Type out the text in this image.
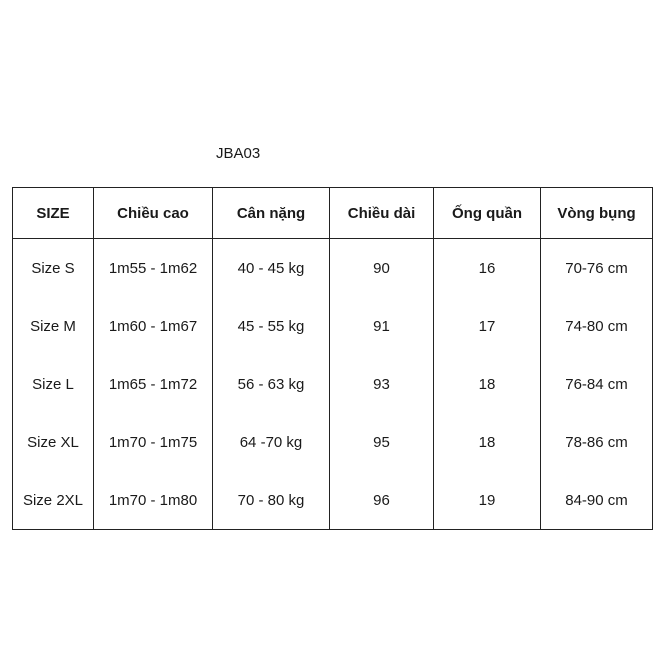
JBA03
SIZE	Chiều cao	Cân nặng	Chiều dài	Ống quần	Vòng bụng
Size S	1m55 - 1m62	40 - 45 kg	90	16	70-76 cm
Size M	1m60 - 1m67	45 - 55 kg	91	17	74-80 cm
Size L	1m65 - 1m72	56 - 63 kg	93	18	76-84 cm
Size XL	1m70 - 1m75	64 -70 kg	95	18	78-86 cm
Size 2XL	1m70 - 1m80	70 - 80 kg	96	19	84-90 cm
